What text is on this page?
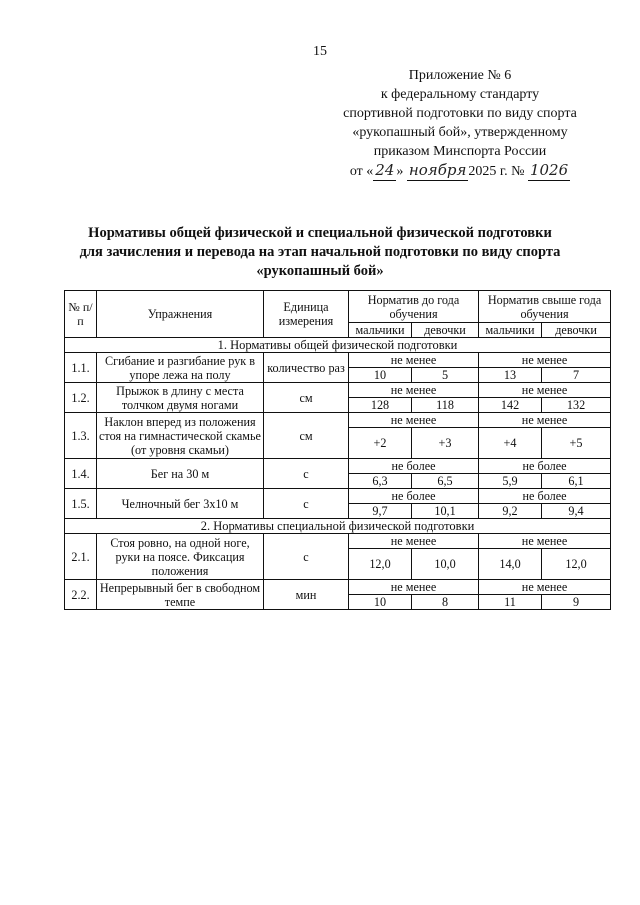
15
Приложение № 6
к федеральному стандарту
спортивной подготовки по виду спорта
«рукопашный бой», утвержденному
приказом Минспорта России
от « 24 » ноября 2025 г. № 1026
Нормативы общей физической и специальной физической подготовки
для зачисления и перевода на этап начальной подготовки по виду спорта
«рукопашный бой»
№ п/п	Упражнения	Единица измерения	Норматив до года обучения		Норматив свыше года обучения	
			мальчики	девочки	мальчики	девочки
1. Нормативы общей физической подготовки						
1.1.	Сгибание и разгибание рук в упоре лежа на полу	количество раз	не менее		не менее	
			10	5	13	7
1.2.	Прыжок в длину с места толчком двумя ногами	см	не менее		не менее	
			128	118	142	132
1.3.	Наклон вперед из положения стоя на гимнастической скамье (от уровня скамьи)	см	не менее		не менее	
			+2	+3	+4	+5
1.4.	Бег на 30 м	с	не более		не более	
			6,3	6,5	5,9	6,1
1.5.	Челночный бег 3х10 м	с	не более		не более	
			9,7	10,1	9,2	9,4
2. Нормативы специальной физической подготовки						
2.1.	Стоя ровно, на одной ноге, руки на поясе. Фиксация положения	с	не менее		не менее	
			12,0	10,0	14,0	12,0
2.2.	Непрерывный бег в свободном темпе	мин	не менее		не менее	
			10	8	11	9
